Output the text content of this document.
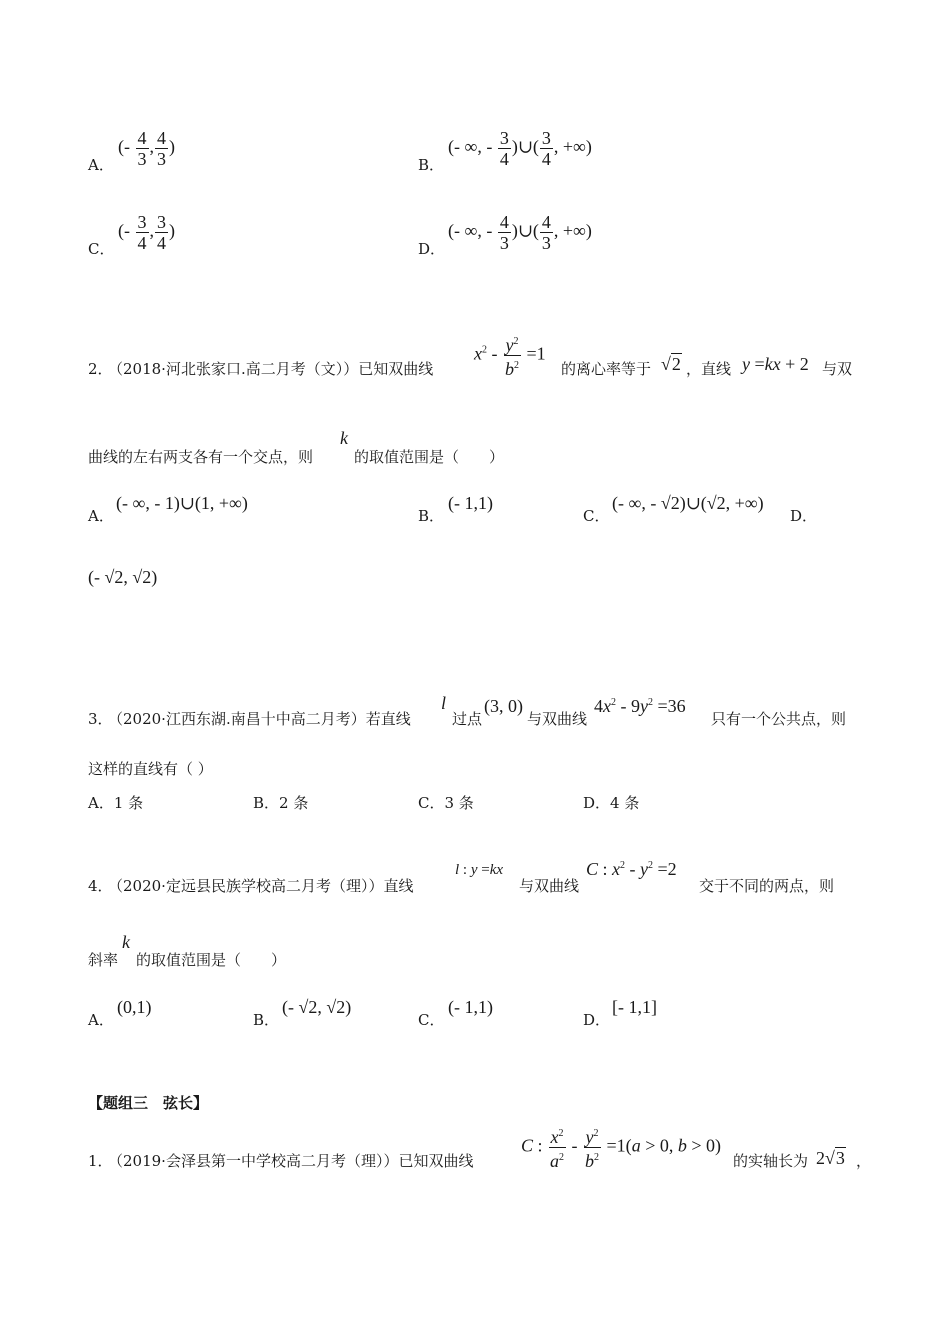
A．
(- $\frac{4}{3}$ , $\frac{4}{3}$ )
B．
(- ∞, - $\frac{3}{4}$ )∪( $\frac{3}{4}$ , +∞)
C．
(- $\frac{3}{4}$ , $\frac{3}{4}$ )
D．
(- ∞, - $\frac{4}{3}$ )∪( $\frac{4}{3}$ , +∞)
2．
（2018·河北张家口.高二月考（文））已知双曲线
$x^2 - \frac{y^2}{b^2} =1$
的离心率等于 √2 ，直线 y =kx + 2 与双
曲线的左右两支各有一个交点，则
k
的取值范围是（　　）
A．
(- ∞, - 1)∪(1, +∞)
B．
(- 1,1)
C．
(- ∞, - √2)∪(√2, +∞)
D．
(- √2, √2)
3．
（2020·江西东湖.南昌十中高二月考）若直线
l
过点
(3, 0)
与双曲线
$4x^2 - 9y^2 =36$
只有一个公共点，则
这样的直线有（ ）
A．1 条	B．2 条	C．3 条	D．4 条
4．
（2020·定远县民族学校高二月考（理））直线
l : y =kx
与双曲线
C : $x^2 - y^2 =2$
交于不同的两点，则
斜率
k
的取值范围是（　　）
A．
(0,1)
B．
(- √2, √2)
C．
(- 1,1)
D．
[- 1,1]
【题组三　弦长】
1．
（2019·会泽县第一中学校高二月考（理））已知双曲线
C : $\frac{x^2}{a^2} - \frac{y^2}{b^2} =1(a > 0$, b > 0)
的实轴长为 2√3 ，
